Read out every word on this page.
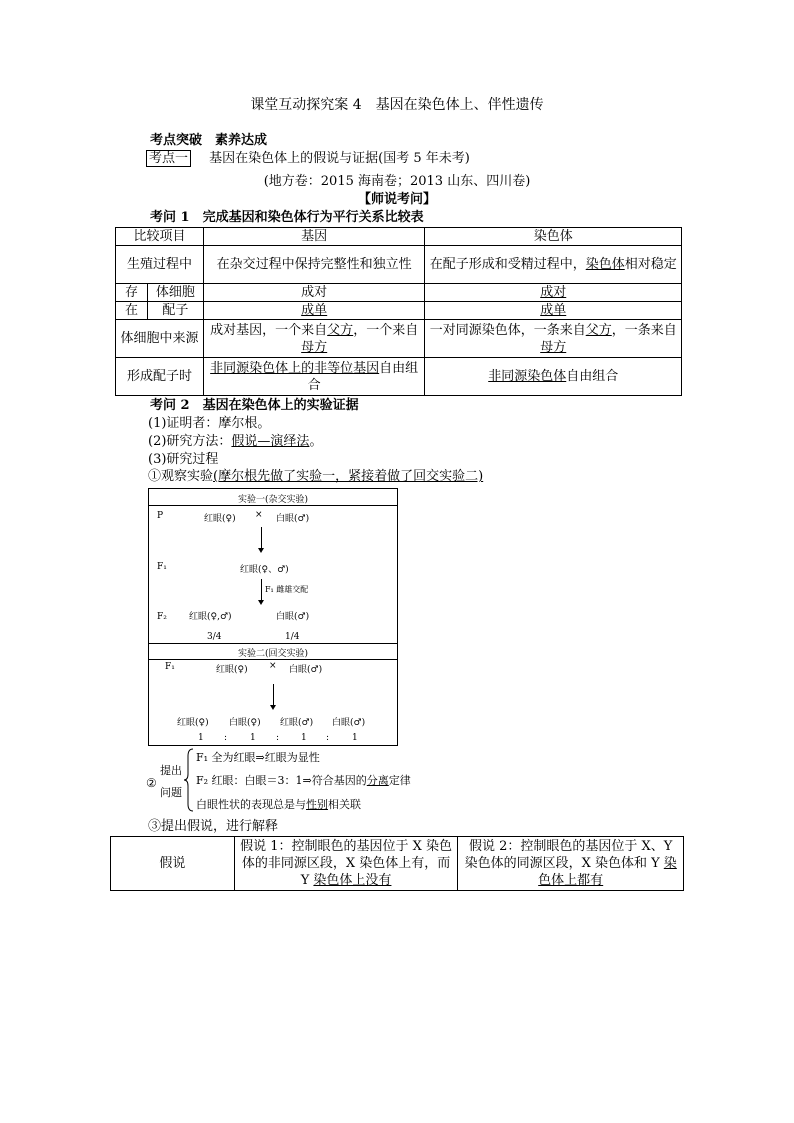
课堂互动探究案 4　基因在染色体上、伴性遗传
考点突破　素养达成
考点一 基因在染色体上的假说与证据(国考 5 年未考)
(地方卷：2015 海南卷；2013 山东、四川卷)
【师说考问】
考问 1　完成基因和染色体行为平行关系比较表
比较项目		基因	染色体
生殖过程中		在杂交过程中保持完整性和独立性	在配子形成和受精过程中，染色体相对稳定
存	体细胞	成对	成对
在	配子	成单	成单
体细胞中来源		成对基因，一个来自父方，一个来自母方	一对同源染色体，一条来自父方，一条来自母方
形成配子时		非同源染色体上的非等位基因自由组合	非同源染色体自由组合
考问 2　基因在染色体上的实验证据
(1)证明者：摩尔根。
(2)研究方法：假说—演绎法。
(3)研究过程
①观察实验(摩尔根先做了实验一，紧接着做了回交实验二)
实验一(杂交实验)
P	红眼(♀) × 白眼(♂)
F₁	红眼(♀、♂)
F₁ 雌雄交配
F₂ 红眼(♀,♂)	白眼(♂)
3/4	1/4
实验二(回交实验)
F₁	红眼(♀) × 白眼(♂)
红眼(♀) 白眼(♀) 红眼(♂) 白眼(♂)
1 :	1 : 1 :	1
②
提出
问题
F₁ 全为红眼⇒红眼为显性
F₂ 红眼：白眼＝3：1⇒符合基因的分离定律
白眼性状的表现总是与性别相关联
③提出假说，进行解释
假说	假说 1：控制眼色的基因位于 X 染色体的非同源区段，X 染色体上有，而 Y 染色体上没有	假说 2：控制眼色的基因位于 X、Y 染色体的同源区段，X 染色体和 Y 染色体上都有
